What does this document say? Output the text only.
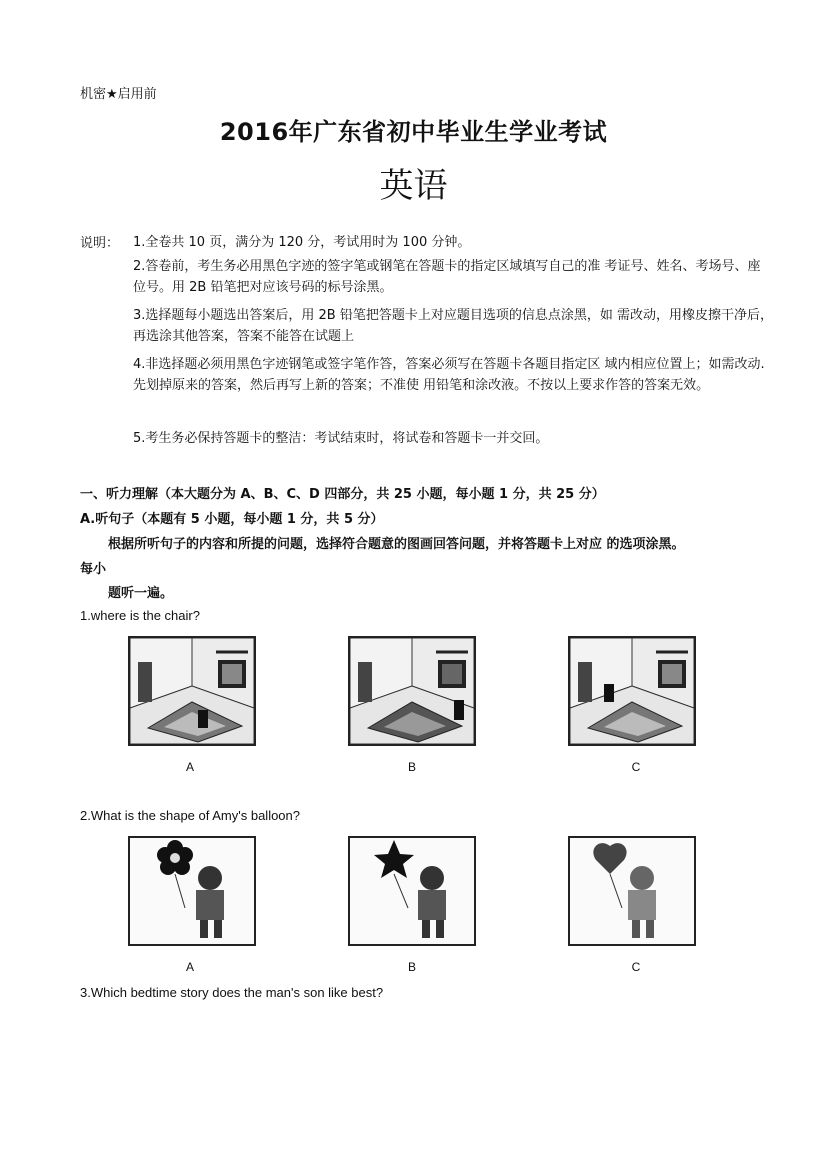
机密★启用前
2016年广东省初中毕业生学业考试
英语
说明： 1.全卷共 10 页，满分为 120 分，考试用时为 100 分钟。
2.答卷前，考生务必用黑色字迹的签字笔或钢笔在答题卡的指定区域填写自己的准 考证号、姓名、考场号、座位号。用 2B 铅笔把对应该号码的标号涂黑。
3.选择题每小题选出答案后，用 2B 铅笔把答题卡上对应题目选项的信息点涂黑，如 需改动，用橡皮擦干净后，再选涂其他答案，答案不能答在试题上
4.非选择题必须用黑色字迹钢笔或签字笔作答，答案必须写在答题卡各题目指定区 域内相应位置上；如需改动.先划掉原来的答案，然后再写上新的答案；不准使 用铅笔和涂改液。不按以上要求作答的答案无效。
5.考生务必保持答题卡的整洁：考试结束时，将试卷和答题卡一并交回。
一、听力理解（本大题分为 A、B、C、D 四部分，共 25 小题，每小题 1 分，共 25 分）
A.听句子（本题有 5 小题，每小题 1 分，共 5 分）
根据所听句子的内容和所提的问题，选择符合题意的图画回答问题，并将答题卡上对应 的选项涂黑。
每小
题听一遍。
1.where is the chair?
A	B	C
2.What is the shape of Amy's balloon?
A	B	C
3.Which bedtime story does the man's son like best?
